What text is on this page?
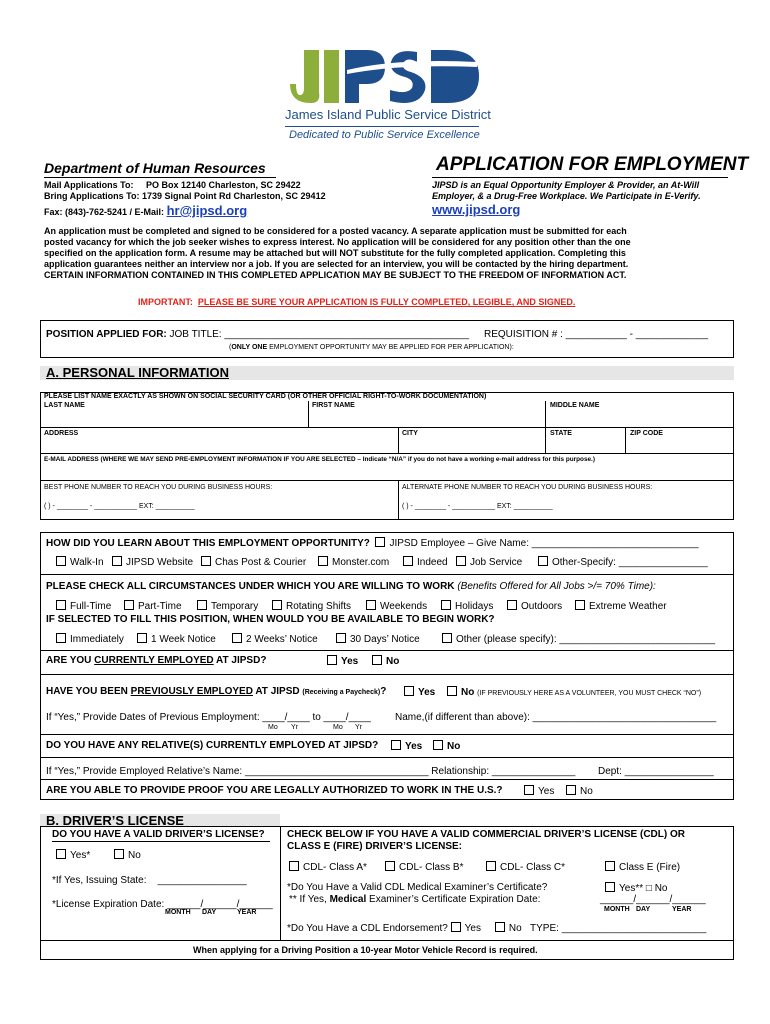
James Island Public Service District
Dedicated to Public Service Excellence
Department of Human Resources	APPLICATION FOR EMPLOYMENT
Mail Applications To: PO Box 12140 Charleston, SC 29422
Bring Applications To: 1739 Signal Point Rd Charleston, SC 29412
Fax: (843)-762-5241 / E-Mail: hr@jipsd.org
JIPSD is an Equal Opportunity Employer & Provider, an At-Will
Employer, & a Drug-Free Workplace. We Participate in E-Verify.
www.jipsd.org
An application must be completed and signed to be considered for a posted vacancy. A separate application must be submitted for each
posted vacancy for which the job seeker wishes to express interest. No application will be considered for any position other than the one
specified on the application form. A resume may be attached but will NOT substitute for the fully completed application. Completing this
application guarantees neither an interview nor a job. If you are selected for an interview, you will be contacted by the hiring department.
CERTAIN INFORMATION CONTAINED IN THIS COMPLETED APPLICATION MAY BE SUBJECT TO THE FREEDOM OF INFORMATION ACT.
IMPORTANT: PLEASE BE SURE YOUR APPLICATION IS FULLY COMPLETED, LEGIBLE, AND SIGNED.
POSITION APPLIED FOR: JOB TITLE: ____________________________________________ REQUISITION # : ___________ - _____________
(ONLY ONE EMPLOYMENT OPPORTUNITY MAY BE APPLIED FOR PER APPLICATION):
A. PERSONAL INFORMATION
PLEASE LIST NAME EXACTLY AS SHOWN ON SOCIAL SECURITY CARD (OR OTHER OFFICIAL RIGHT-TO-WORK DOCUMENTATION)
LAST NAME	FIRST NAME	MIDDLE NAME
ADDRESS	CITY	STATE	ZIP CODE
E-MAIL ADDRESS (WHERE WE MAY SEND PRE-EMPLOYMENT INFORMATION IF YOU ARE SELECTED – Indicate “N/A” if you do not have a working e-mail address for this purpose.)
BEST PHONE NUMBER TO REACH YOU DURING BUSINESS HOURS:	ALTERNATE PHONE NUMBER TO REACH YOU DURING BUSINESS HOURS:
( ) - ________ - ___________ EXT: __________	( ) - ________ - ___________ EXT: __________
HOW DID YOU LEARN ABOUT THIS EMPLOYMENT OPPORTUNITY? JIPSD Employee – Give Name: ______________________________
Walk-In	JIPSD Website	Chas Post & Courier	Monster.com	Indeed	Job Service	Other-Specify: ________________
PLEASE CHECK ALL CIRCUMSTANCES UNDER WHICH YOU ARE WILLING TO WORK (Benefits Offered for All Jobs >/= 70% Time):
Full-Time	Part-Time	Temporary	Rotating Shifts	Weekends	Holidays	Outdoors	Extreme Weather
IF SELECTED TO FILL THIS POSITION, WHEN WOULD YOU BE AVAILABLE TO BEGIN WORK?
Immediately	1 Week Notice	2 Weeks’ Notice	30 Days’ Notice	Other (please specify): ____________________________
ARE YOU CURRENTLY EMPLOYED AT JIPSD?	Yes	No
HAVE YOU BEEN PREVIOUSLY EMPLOYED AT JIPSD (Receiving a Paycheck)?	Yes	No (IF PREVIOUSLY HERE AS A VOLUNTEER, YOU MUST CHECK “NO”)
If “Yes,” Provide Dates of Previous Employment: ____/____ to ____/____
Mo Yr	Mo Yr
Name,(if different than above): _________________________________
DO YOU HAVE ANY RELATIVE(S) CURRENTLY EMPLOYED AT JIPSD?	Yes	No
If “Yes,” Provide Employed Relative’s Name: _________________________________ Relationship: _______________ Dept: ________________
ARE YOU ABLE TO PROVIDE PROOF YOU ARE LEGALLY AUTHORIZED TO WORK IN THE U.S.?	Yes	No
B. DRIVER’S LICENSE
DO YOU HAVE A VALID DRIVER’S LICENSE?
Yes*	No
*If Yes, Issuing State: ________________
*License Expiration Date: ______/______/______
MONTH DAY	YEAR
CHECK BELOW IF YOU HAVE A VALID COMMERCIAL DRIVER’S LICENSE (CDL) OR
CLASS E (FIRE) DRIVER’S LICENSE:
CDL- Class A*	CDL- Class B*	CDL- Class C*	Class E (Fire)
*Do You Have a Valid CDL Medical Examiner’s Certificate?	Yes** □ No
** If Yes, Medical Examiner’s Certificate Expiration Date:	______/______/______
MONTH DAY	YEAR
*Do You Have a CDL Endorsement? Yes	No TYPE: __________________________
When applying for a Driving Position a 10-year Motor Vehicle Record is required.
